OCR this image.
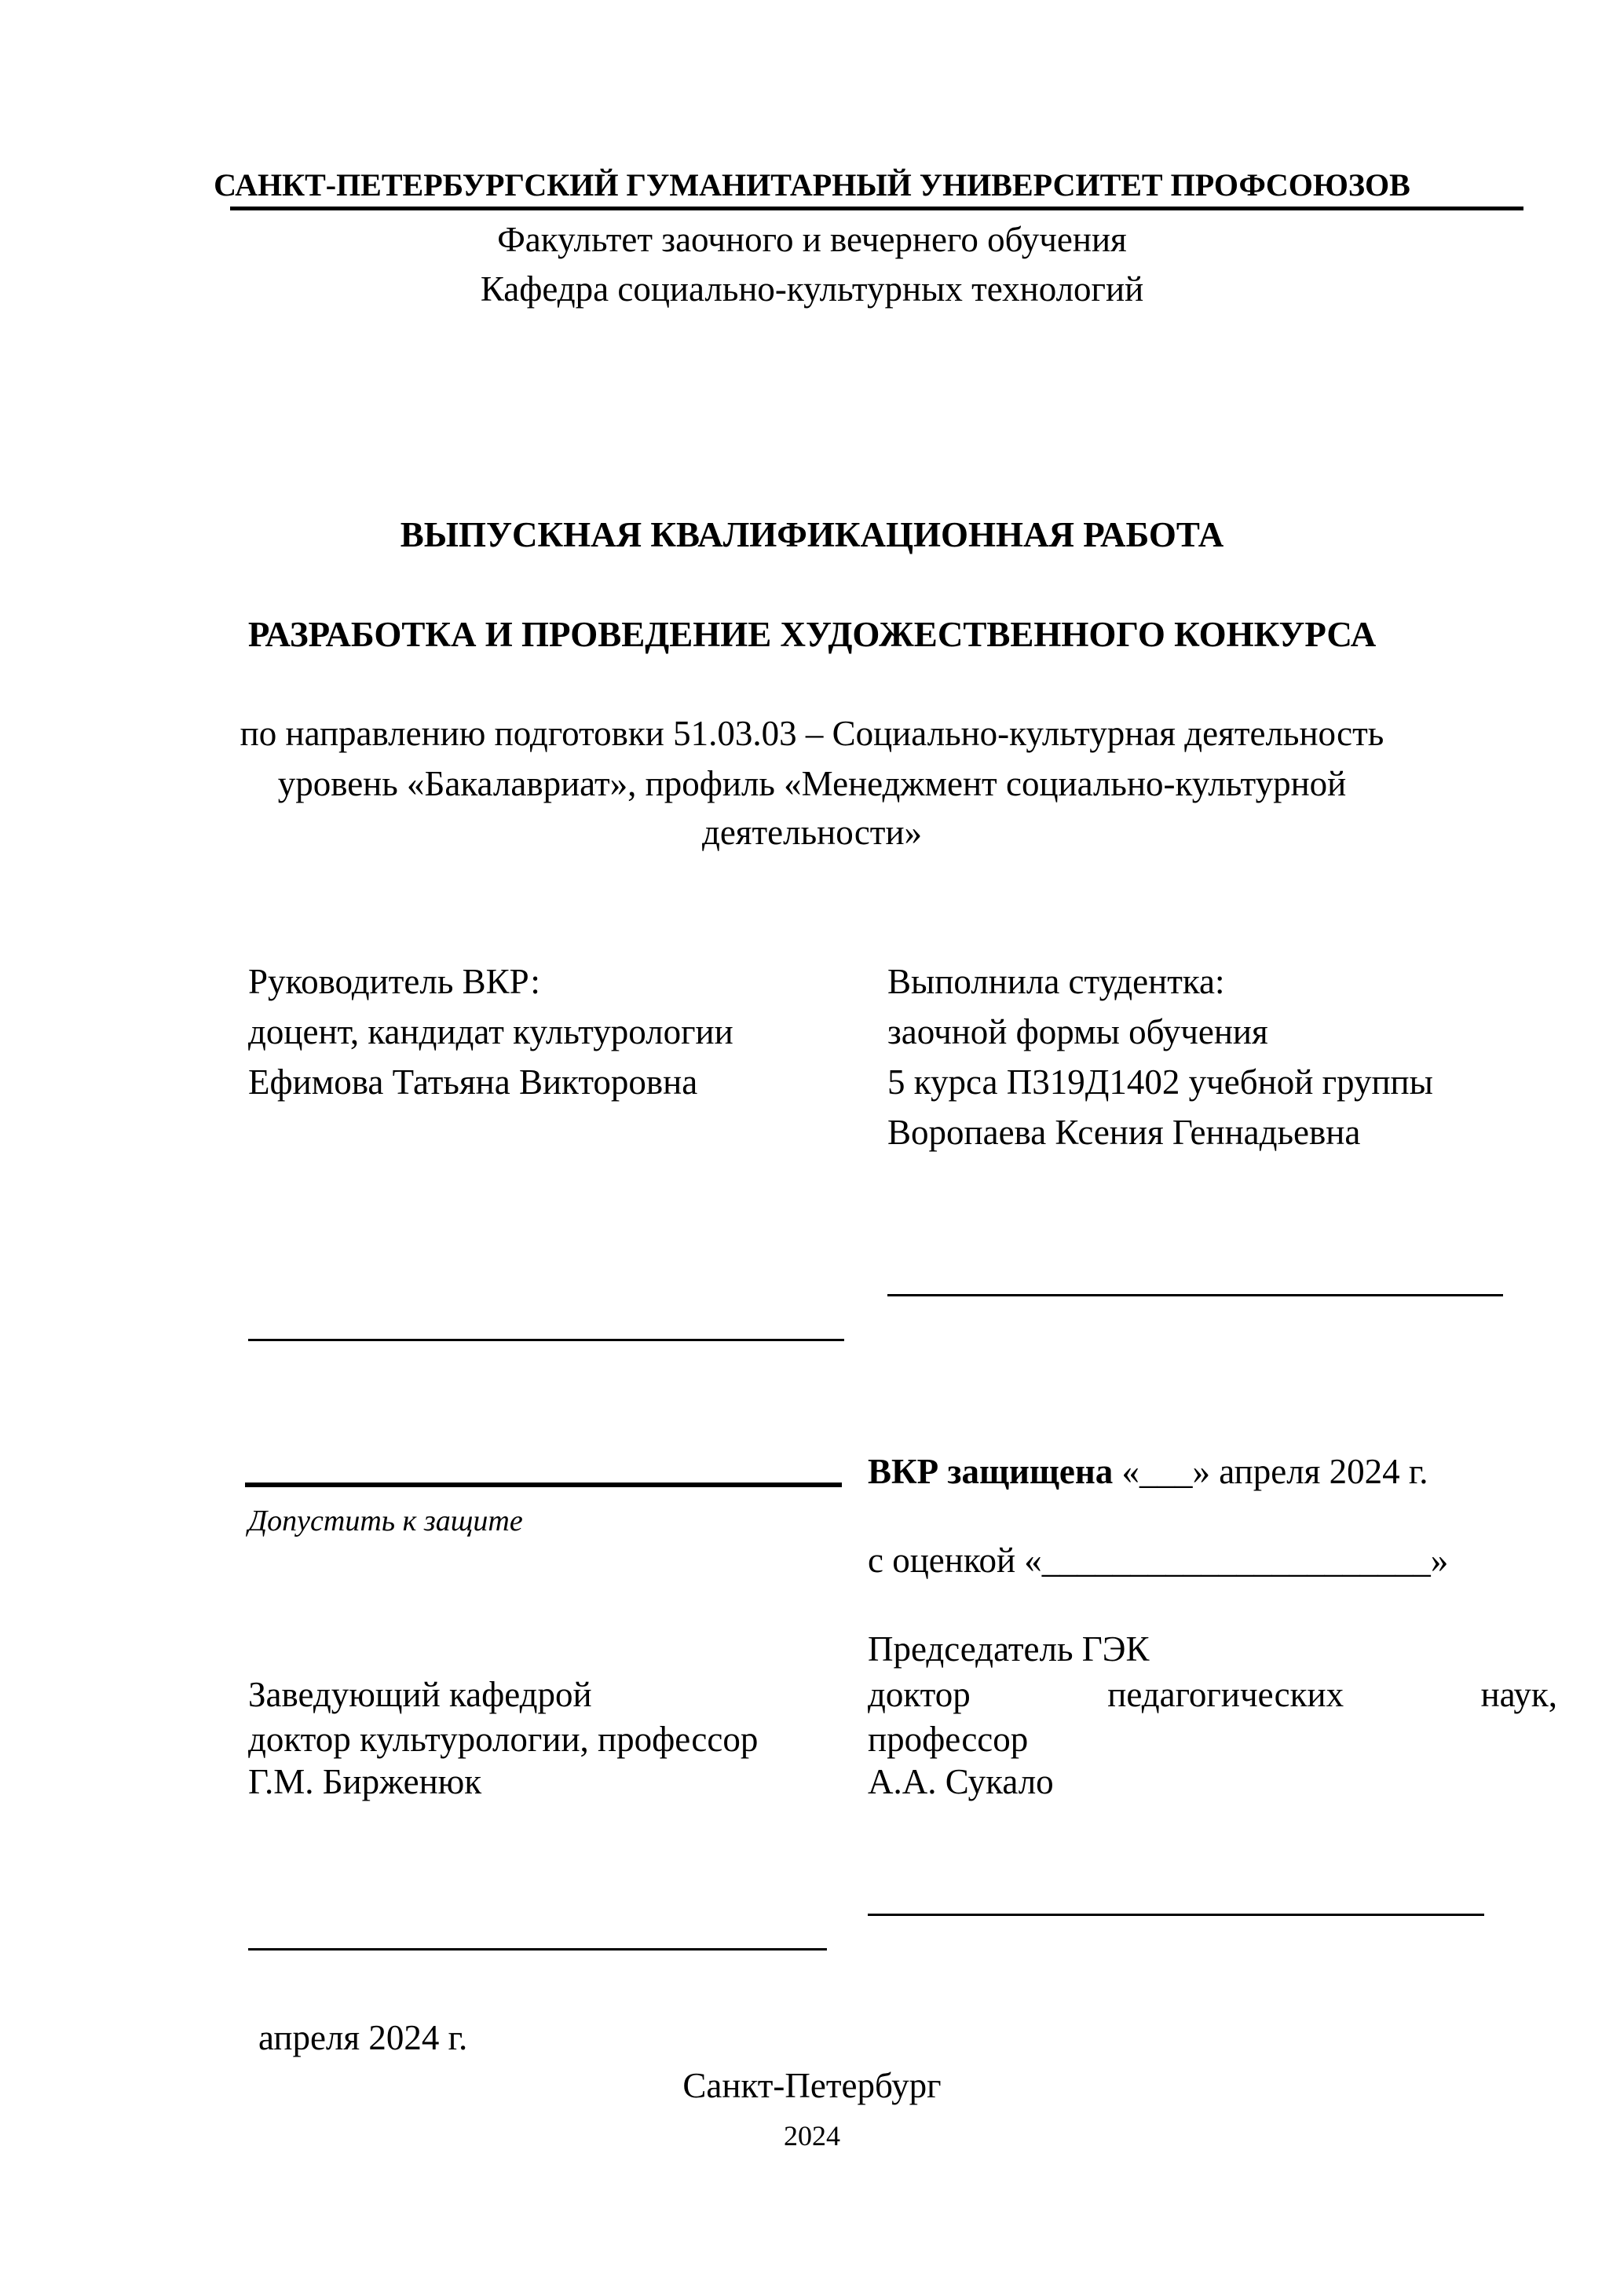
САНКТ-ПЕТЕРБУРГСКИЙ ГУМАНИТАРНЫЙ УНИВЕРСИТЕТ ПРОФСОЮЗОВ
Факультет заочного и вечернего обучения
Кафедра социально-культурных технологий
ВЫПУСКНАЯ КВАЛИФИКАЦИОННАЯ РАБОТА
РАЗРАБОТКА И ПРОВЕДЕНИЕ ХУДОЖЕСТВЕННОГО КОНКУРСА
по направлению подготовки 51.03.03 – Социально-культурная деятельность
уровень «Бакалавриат», профиль «Менеджмент социально-культурной
деятельности»
Руководитель ВКР:
доцент, кандидат культурологии
Ефимова Татьяна Викторовна
Выполнила студентка:
заочной формы обучения
5 курса П319Д1402 учебной группы
Воропаева Ксения Геннадьевна
Допустить к защите
ВКР защищена «___» апреля 2024 г.
с оценкой «______________________»
Председатель ГЭК
доктор педагогических наук,
профессор
А.А. Сукало
Заведующий кафедрой
доктор культурологии, профессор
Г.М. Бирженюк
апреля 2024 г.
Санкт-Петербург
2024
